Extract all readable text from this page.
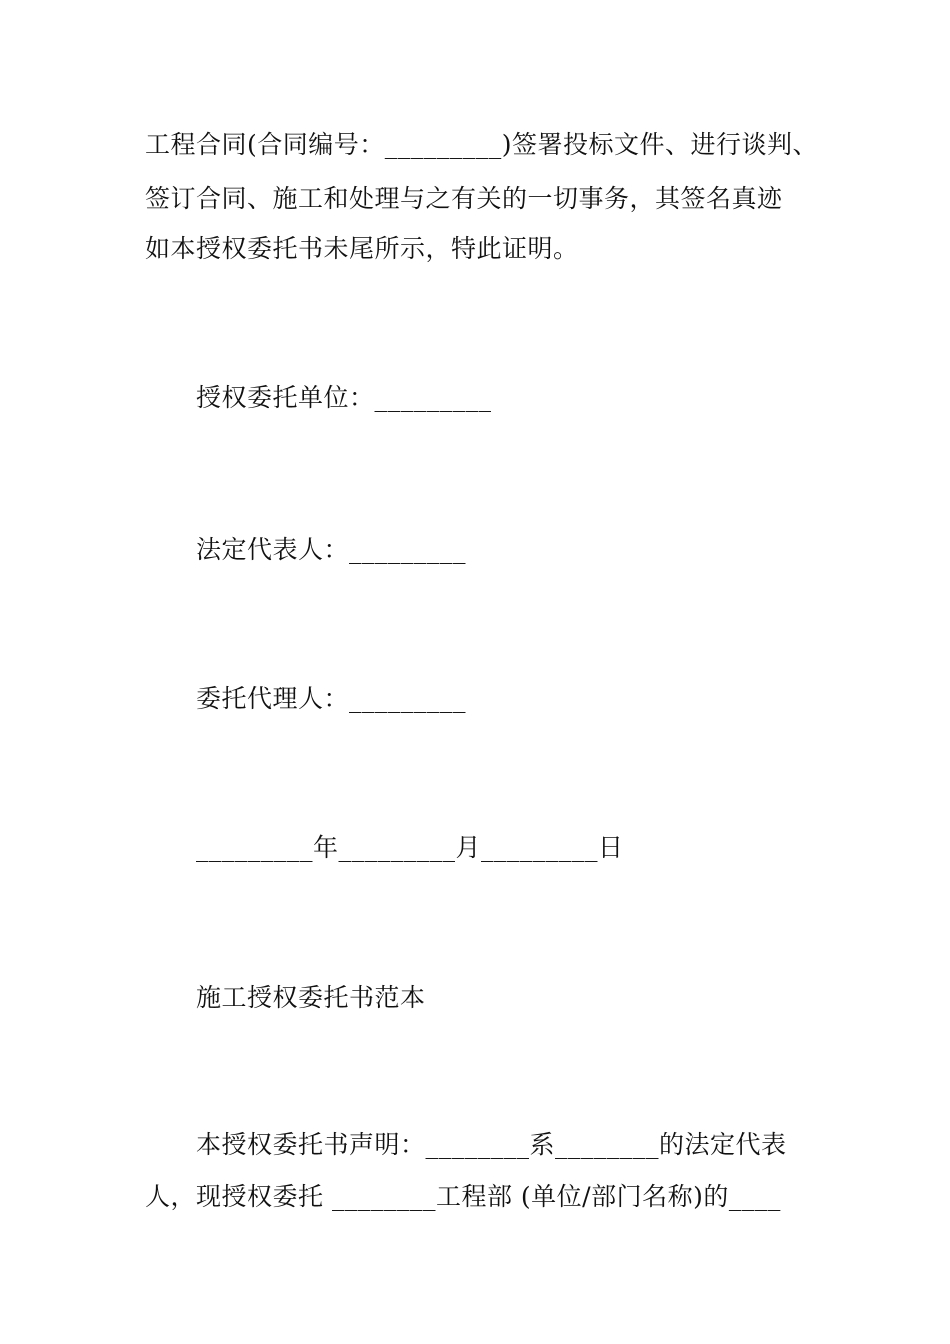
工程合同(合同编号：_________)签署投标文件、进行谈判、
签订合同、施工和处理与之有关的一切事务，其签名真迹
如本授权委托书未尾所示，特此证明。
授权委托单位：_________
法定代表人：_________
委托代理人：_________
_________年_________月_________日
施工授权委托书范本
本授权委托书声明：________系________的法定代表
人，现授权委托 ________工程部 (单位/部门名称)的____
